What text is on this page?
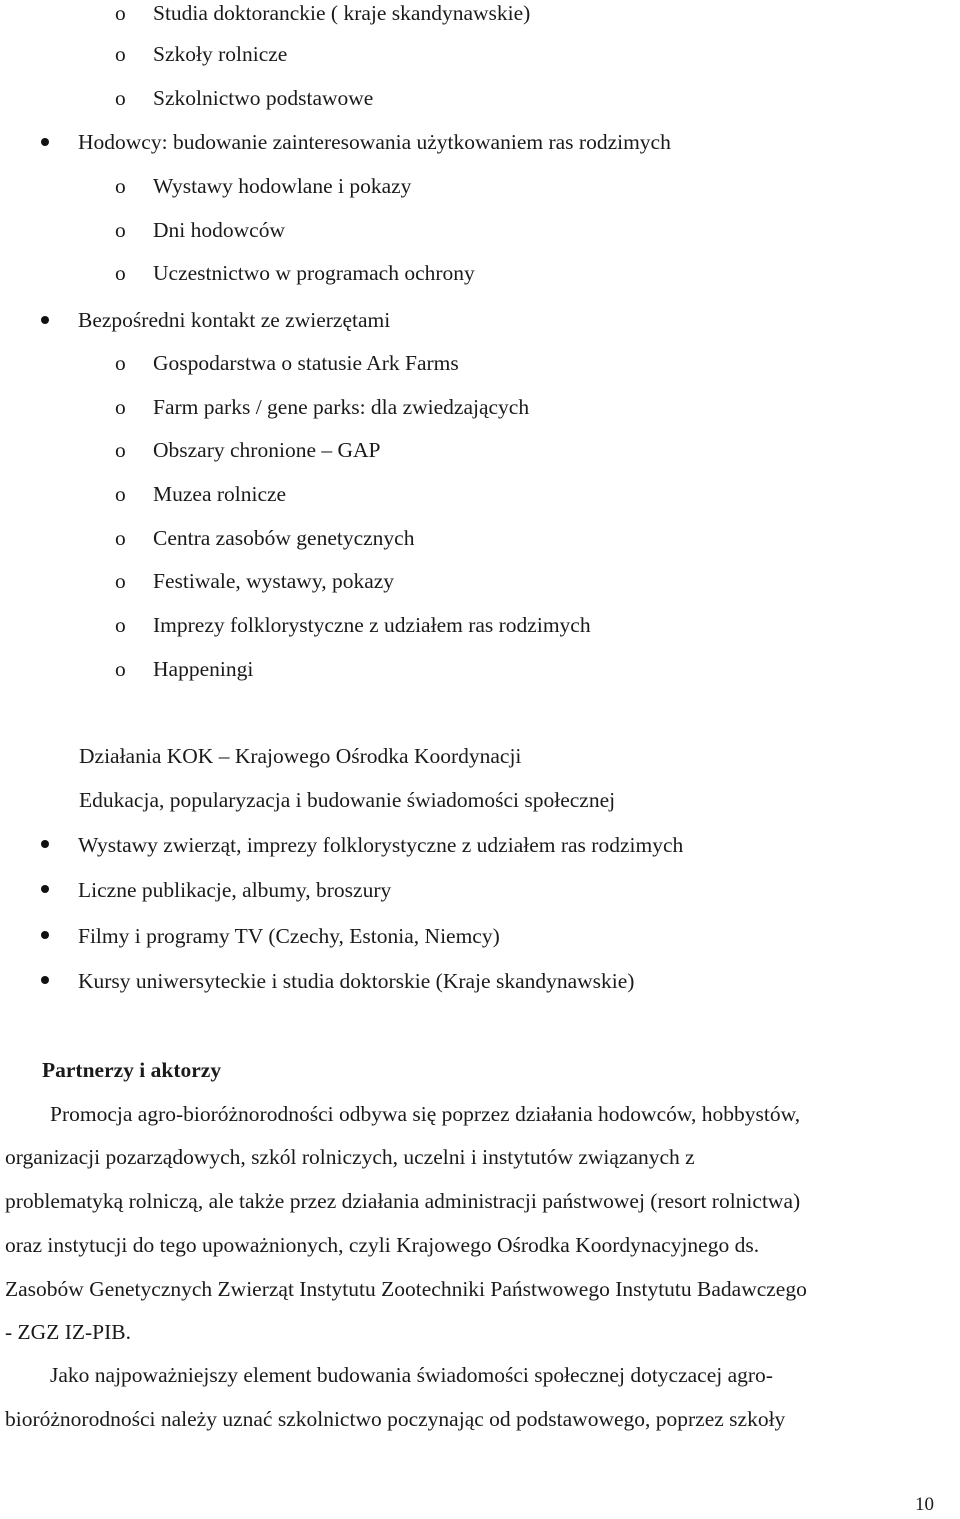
o Studia doktoranckie ( kraje skandynawskie)
o Szkoły rolnicze
o Szkolnictwo podstawowe
Hodowcy: budowanie zainteresowania użytkowaniem ras rodzimych
o Wystawy hodowlane i pokazy
o Dni hodowców
o Uczestnictwo w programach ochrony
Bezpośredni kontakt ze zwierzętami
o Gospodarstwa o statusie Ark Farms
o Farm parks / gene parks: dla zwiedzających
o Obszary chronione – GAP
o Muzea rolnicze
o Centra zasobów genetycznych
o Festiwale, wystawy, pokazy
o Imprezy folklorystyczne z udziałem ras rodzimych
o Happeningi
Działania KOK – Krajowego Ośrodka Koordynacji
Edukacja, popularyzacja i budowanie świadomości społecznej
Wystawy zwierząt, imprezy folklorystyczne z udziałem ras rodzimych
Liczne publikacje, albumy, broszury
Filmy i programy TV (Czechy, Estonia, Niemcy)
Kursy uniwersyteckie i studia doktorskie (Kraje skandynawskie)
Partnerzy i aktorzy
Promocja agro-bioróżnorodności odbywa się poprzez działania hodowców, hobbystów,
organizacji pozarządowych, szkól rolniczych, uczelni i instytutów związanych z
problematyką rolniczą, ale także przez działania administracji państwowej (resort rolnictwa)
oraz instytucji do tego upoważnionych, czyli Krajowego Ośrodka Koordynacyjnego ds.
Zasobów Genetycznych Zwierząt Instytutu Zootechniki Państwowego Instytutu Badawczego
- ZGZ IZ-PIB.
Jako najpoważniejszy element budowania świadomości społecznej dotyczacej agro-
bioróżnorodności należy uznać szkolnictwo poczynając od podstawowego, poprzez szkoły
10
